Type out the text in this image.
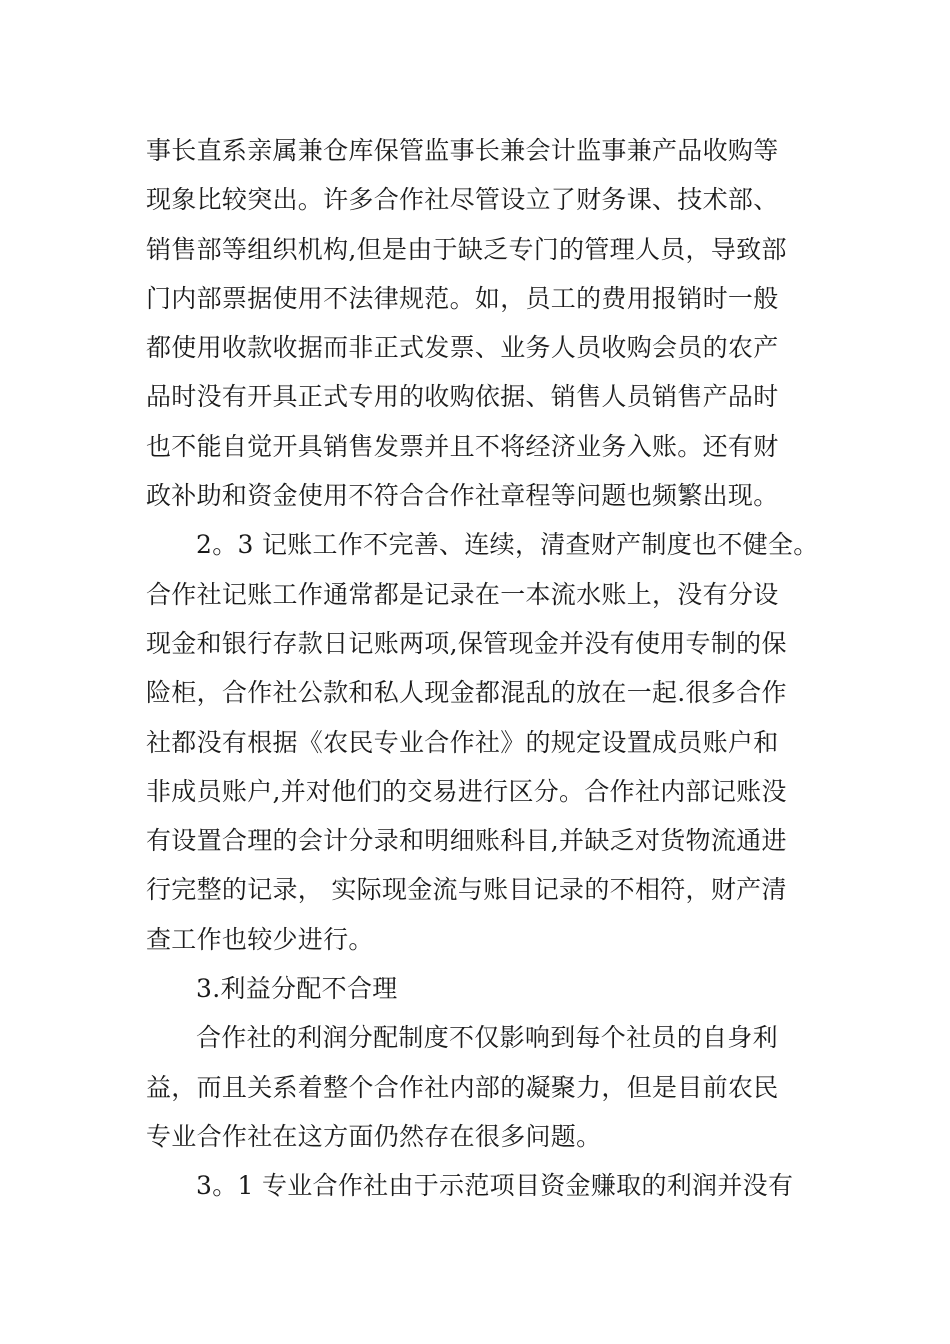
事长直系亲属兼仓库保管监事长兼会计监事兼产品收购等
现象比较突出。许多合作社尽管设立了财务课、技术部、
销售部等组织机构,但是由于缺乏专门的管理人员，导致部
门内部票据使用不法律规范。如，员工的费用报销时一般
都使用收款收据而非正式发票、业务人员收购会员的农产
品时没有开具正式专用的收购依据、销售人员销售产品时
也不能自觉开具销售发票并且不将经济业务入账。还有财
政补助和资金使用不符合合作社章程等问题也频繁出现。
2。3 记账工作不完善、连续，清查财产制度也不健全。
合作社记账工作通常都是记录在一本流水账上，没有分设
现金和银行存款日记账两项,保管现金并没有使用专制的保
险柜，合作社公款和私人现金都混乱的放在一起.很多合作
社都没有根据《农民专业合作社》的规定设置成员账户和
非成员账户,并对他们的交易进行区分。合作社内部记账没
有设置合理的会计分录和明细账科目,并缺乏对货物流通进
行完整的记录， 实际现金流与账目记录的不相符，财产清
查工作也较少进行。
3.利益分配不合理
合作社的利润分配制度不仅影响到每个社员的自身利
益，而且关系着整个合作社内部的凝聚力，但是目前农民
专业合作社在这方面仍然存在很多问题。
3。1 专业合作社由于示范项目资金赚取的利润并没有
